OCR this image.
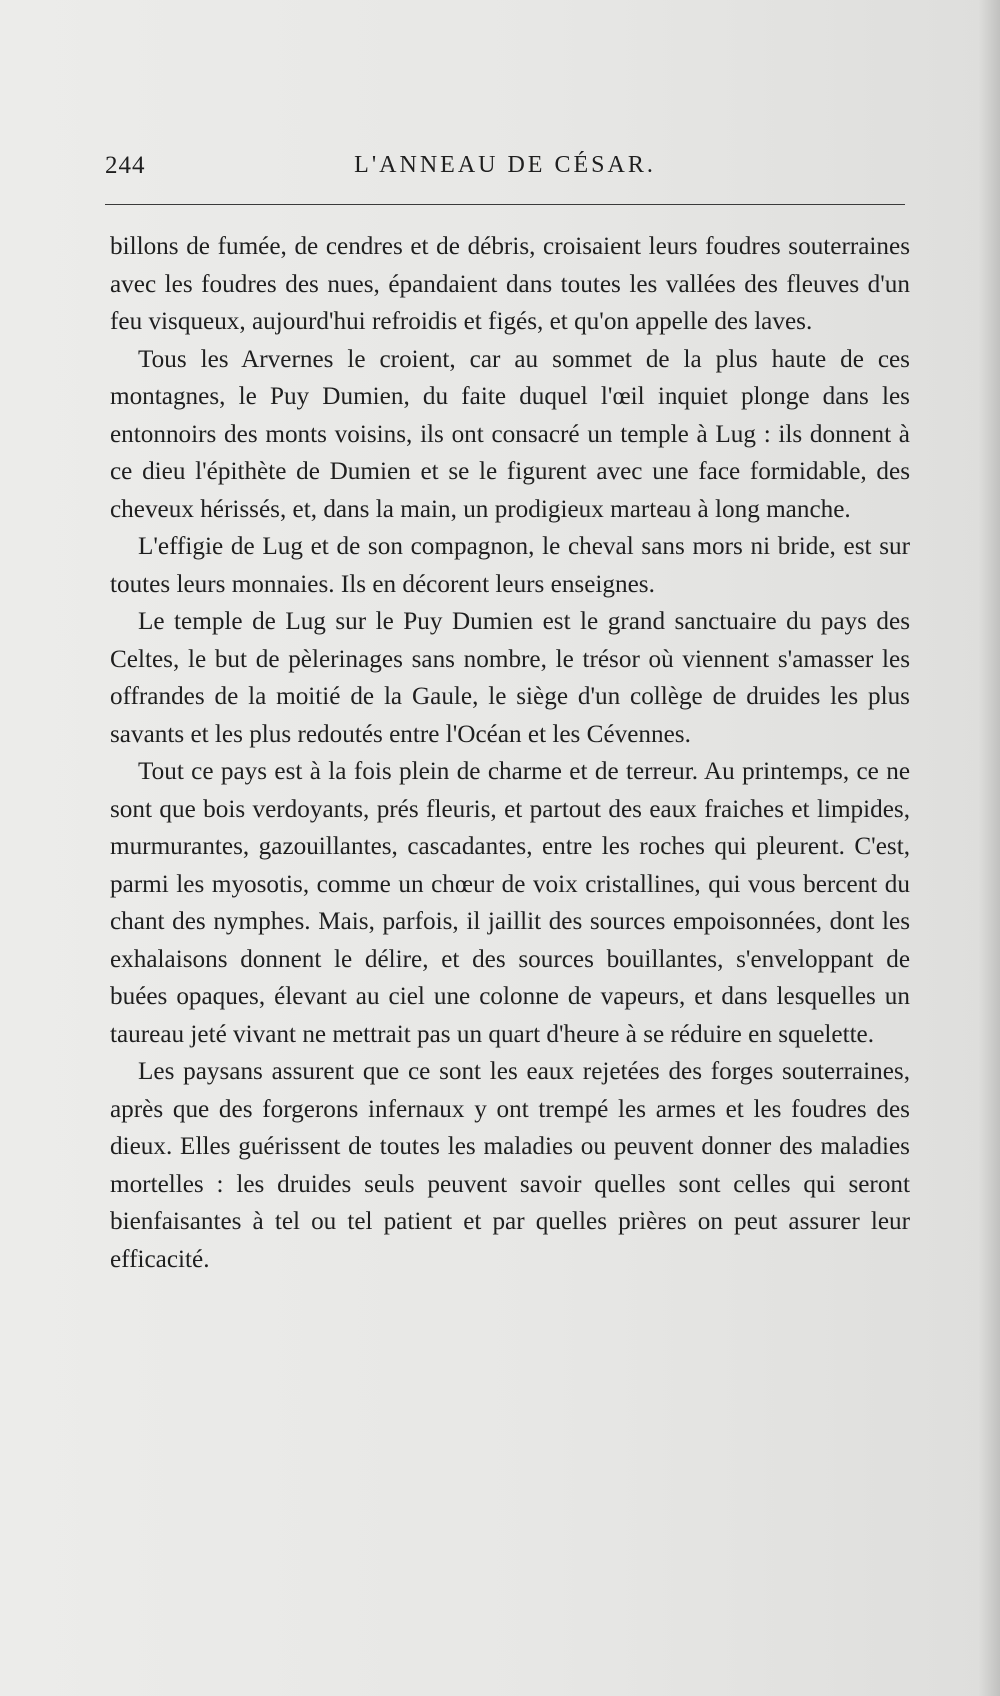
244	L'ANNEAU DE CÉSAR.

billons de fumée, de cendres et de débris, croisaient leurs foudres souterraines avec les foudres des nues, épandaient dans toutes les vallées des fleuves d'un feu visqueux, aujourd'hui refroidis et figés, et qu'on appelle des laves.

Tous les Arvernes le croient, car au sommet de la plus haute de ces montagnes, le Puy Dumien, du faite duquel l'œil inquiet plonge dans les entonnoirs des monts voisins, ils ont consacré un temple à Lug : ils donnent à ce dieu l'épithète de Dumien et se le figurent avec une face formidable, des cheveux hérissés, et, dans la main, un prodigieux marteau à long manche.

L'effigie de Lug et de son compagnon, le cheval sans mors ni bride, est sur toutes leurs monnaies. Ils en décorent leurs enseignes.

Le temple de Lug sur le Puy Dumien est le grand sanctuaire du pays des Celtes, le but de pèlerinages sans nombre, le trésor où viennent s'amasser les offrandes de la moitié de la Gaule, le siège d'un collège de druides les plus savants et les plus redoutés entre l'Océan et les Cévennes.

Tout ce pays est à la fois plein de charme et de terreur. Au printemps, ce ne sont que bois verdoyants, prés fleuris, et partout des eaux fraiches et limpides, murmurantes, gazouillantes, cascadantes, entre les roches qui pleurent. C'est, parmi les myosotis, comme un chœur de voix cristallines, qui vous bercent du chant des nymphes. Mais, parfois, il jaillit des sources empoisonnées, dont les exhalaisons donnent le délire, et des sources bouillantes, s'enveloppant de buées opaques, élevant au ciel une colonne de vapeurs, et dans lesquelles un taureau jeté vivant ne mettrait pas un quart d'heure à se réduire en squelette.

Les paysans assurent que ce sont les eaux rejetées des forges souterraines, après que des forgerons infernaux y ont trempé les armes et les foudres des dieux. Elles guérissent de toutes les maladies ou peuvent donner des maladies mortelles : les druides seuls peuvent savoir quelles sont celles qui seront bienfaisantes à tel ou tel patient et par quelles prières on peut assurer leur efficacité.
